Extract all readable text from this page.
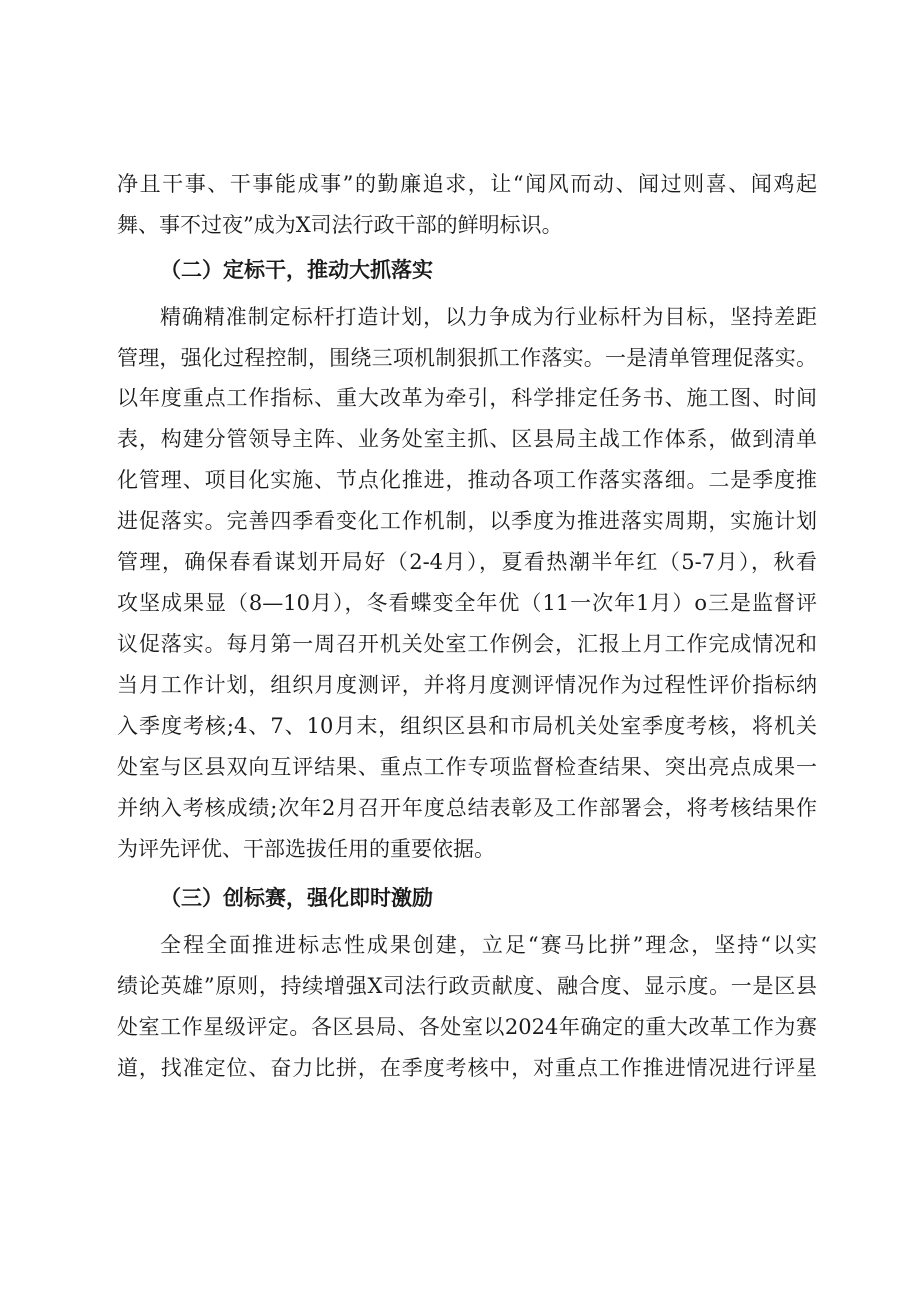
净且干事、干事能成事”的勤廉追求，让“闻风而动、闻过则喜、闻鸡起
舞、事不过夜”成为X司法行政干部的鲜明标识。
（二）定标干，推动大抓落实
精确精准制定标杆打造计划，以力争成为行业标杆为目标，坚持差距
管理，强化过程控制，围绕三项机制狠抓工作落实。一是清单管理促落实。
以年度重点工作指标、重大改革为牵引，科学排定任务书、施工图、时间
表，构建分管领导主阵、业务处室主抓、区县局主战工作体系，做到清单
化管理、项目化实施、节点化推进，推动各项工作落实落细。二是季度推
进促落实。完善四季看变化工作机制，以季度为推进落实周期，实施计划
管理，确保春看谋划开局好（2-4月），夏看热潮半年红（5-7月），秋看
攻坚成果显（8—10月），冬看蝶变全年优（11一次年1月）o三是监督评
议促落实。每月第一周召开机关处室工作例会，汇报上月工作完成情况和
当月工作计划，组织月度测评，并将月度测评情况作为过程性评价指标纳
入季度考核;4、7、10月末，组织区县和市局机关处室季度考核，将机关
处室与区县双向互评结果、重点工作专项监督检查结果、突出亮点成果一
并纳入考核成绩;次年2月召开年度总结表彰及工作部署会，将考核结果作
为评先评优、干部选拔任用的重要依据。
（三）创标赛，强化即时激励
全程全面推进标志性成果创建，立足“赛马比拼”理念，坚持“以实
绩论英雄”原则，持续增强X司法行政贡献度、融合度、显示度。一是区县
处室工作星级评定。各区县局、各处室以2024年确定的重大改革工作为赛
道，找准定位、奋力比拼，在季度考核中，对重点工作推进情况进行评星
